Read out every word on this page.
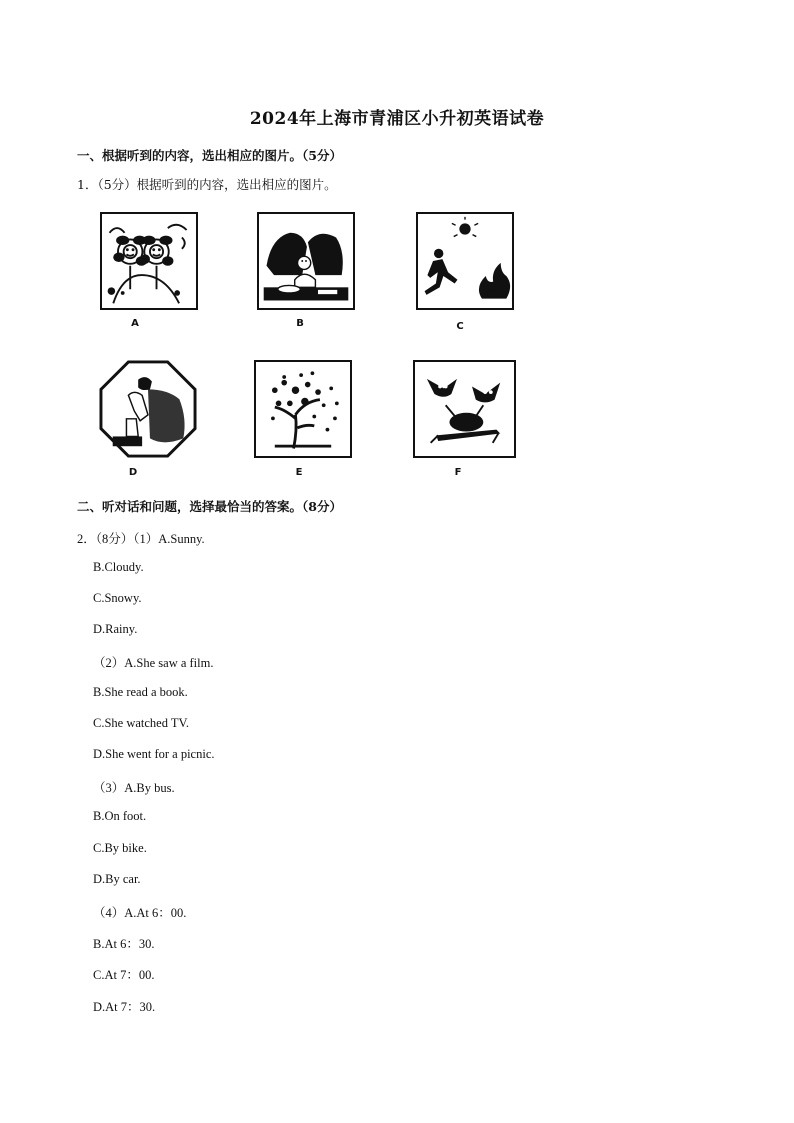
2024年上海市青浦区小升初英语试卷
一、根据听到的内容，选出相应的图片。（5分）
1．（5分）根据听到的内容，选出相应的图片。
A	B	C
D	E	F
二、听对话和问题，选择最恰当的答案。（8分）
2．（8分）（1）A.Sunny.
B.Cloudy.
C.Snowy.
D.Rainy.
（2）A.She saw a film.
B.She read a book.
C.She watched TV.
D.She went for a picnic.
（3）A.By bus.
B.On foot.
C.By bike.
D.By car.
（4）A.At 6：00.
B.At 6：30.
C.At 7：00.
D.At 7：30.
